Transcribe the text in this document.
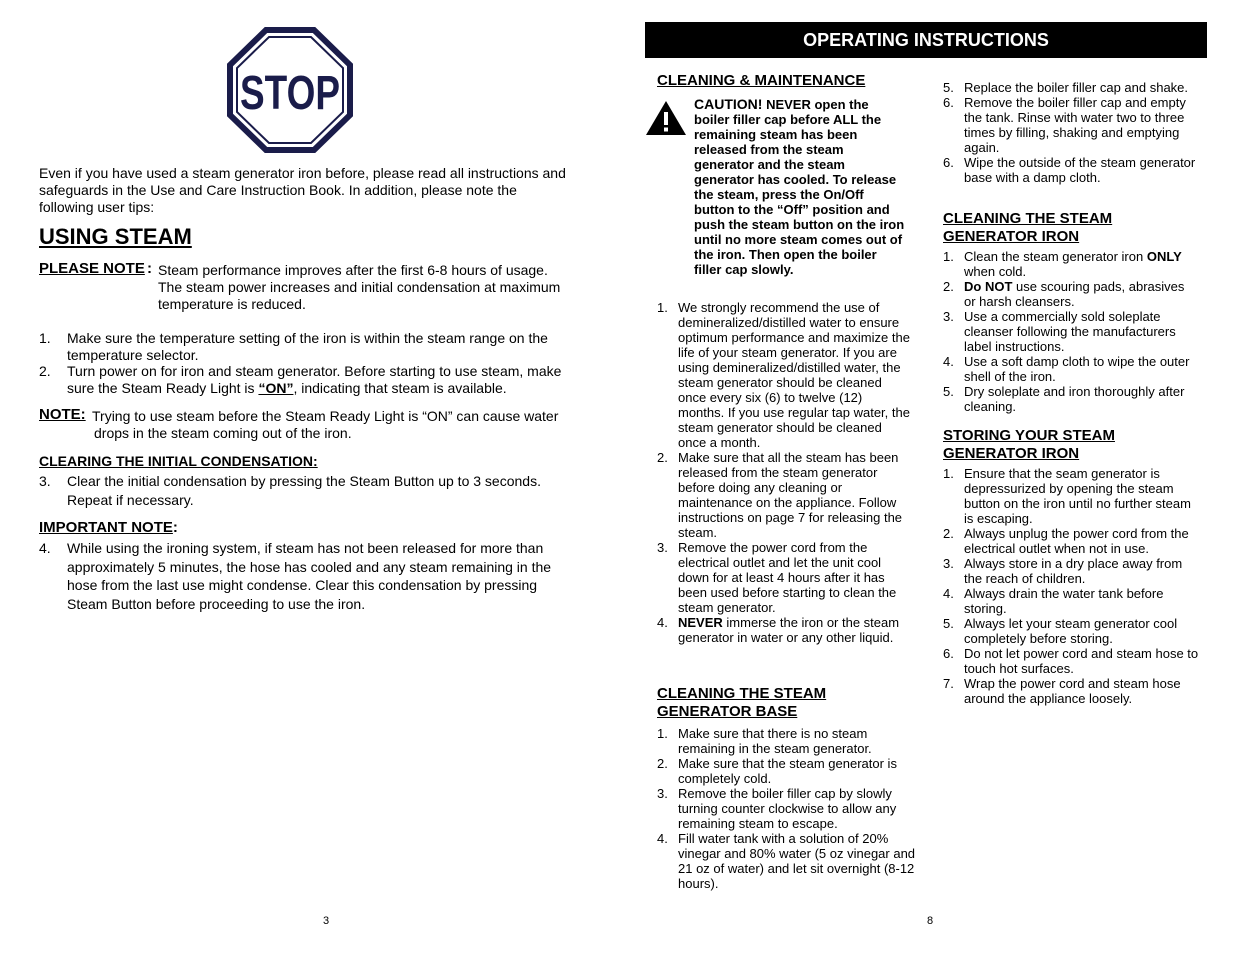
STOP
Even if you have used a steam generator iron before, please read all instructions and safeguards in the Use and Care Instruction Book. In addition, please note the following user tips:
USING STEAM
PLEASE NOTE : Steam performance improves after the first 6-8 hours of usage. The steam power increases and initial condensation at maximum temperature is reduced.
1.	Make sure the temperature setting of the iron is within the steam range on the temperature selector.
2.	Turn power on for iron and steam generator. Before starting to use steam, make sure the Steam Ready Light is “ON”, indicating that steam is available.
NOTE: Trying to use steam before the Steam Ready Light is “ON” can cause water
drops in the steam coming out of the iron.
CLEARING THE INITIAL CONDENSATION:
3.	Clear the initial condensation by pressing the Steam Button up to 3 seconds. Repeat if necessary.
IMPORTANT NOTE:
4.	While using the ironing system, if steam has not been released for more than approximately 5 minutes, the hose has cooled and any steam remaining in the hose from the last use might condense. Clear this condensation by pressing Steam Button before proceeding to use the iron.
3
OPERATING INSTRUCTIONS
CLEANING & MAINTENANCE
CAUTION! NEVER open the boiler filler cap before ALL the remaining steam has been released from the steam generator and the steam generator has cooled. To release the steam, press the On/Off button to the “Off” position and push the steam button on the iron until no more steam comes out of the iron. Then open the boiler filler cap slowly.
1. We strongly recommend the use of demineralized/distilled water to ensure optimum performance and maximize the life of your steam generator. If you are using demineralized/distilled water, the steam generator should be cleaned once every six (6) to twelve (12) months. If you use regular tap water, the steam generator should be cleaned once a month.
2. Make sure that all the steam has been released from the steam generator before doing any cleaning or maintenance on the appliance. Follow instructions on page 7 for releasing the steam.
3. Remove the power cord from the electrical outlet and let the unit cool down for at least 4 hours after it has been used before starting to clean the steam generator.
4. NEVER immerse the iron or the steam generator in water or any other liquid.
CLEANING THE STEAM
GENERATOR BASE
1. Make sure that there is no steam remaining in the steam generator.
2. Make sure that the steam generator is completely cold.
3. Remove the boiler filler cap by slowly turning counter clockwise to allow any remaining steam to escape.
4. Fill water tank with a solution of 20% vinegar and 80% water (5 oz vinegar and 21 oz of water) and let sit overnight (8-12 hours).
5. Replace the boiler filler cap and shake.
6. Remove the boiler filler cap and empty the tank. Rinse with water two to three times by filling, shaking and emptying again.
6. Wipe the outside of the steam generator base with a damp cloth.
CLEANING THE STEAM
GENERATOR IRON
1. Clean the steam generator iron ONLY when cold.
2. Do NOT use scouring pads, abrasives or harsh cleansers.
3. Use a commercially sold soleplate cleanser following the manufacturers label instructions.
4. Use a soft damp cloth to wipe the outer shell of the iron.
5. Dry soleplate and iron thoroughly after cleaning.
STORING YOUR STEAM
GENERATOR IRON
1. Ensure that the seam generator is depressurized by opening the steam button on the iron until no further steam is escaping.
2. Always unplug the power cord from the electrical outlet when not in use.
3. Always store in a dry place away from the reach of children.
4. Always drain the water tank before storing.
5. Always let your steam generator cool completely before storing.
6. Do not let power cord and steam hose to touch hot surfaces.
7. Wrap the power cord and steam hose around the appliance loosely.
8
